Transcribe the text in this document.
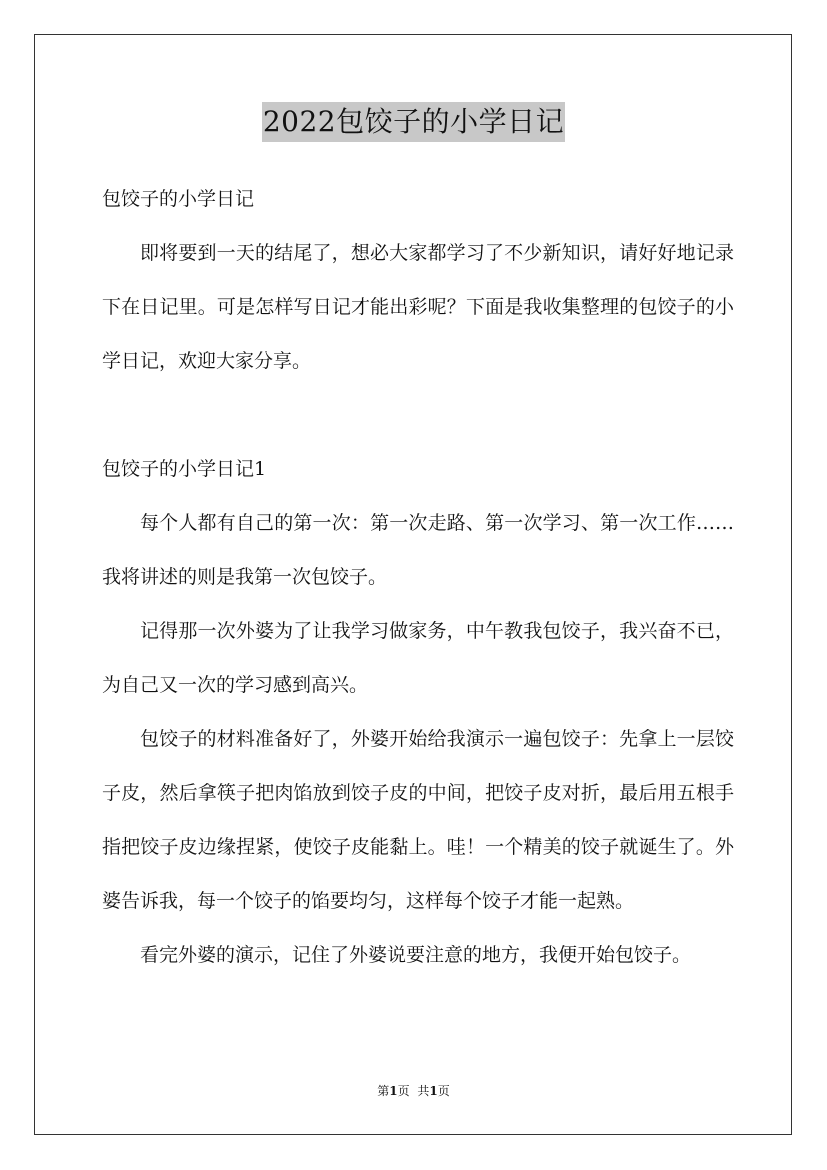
2022包饺子的小学日记

包饺子的小学日记

即将要到一天的结尾了，想必大家都学习了不少新知识，请好好地记录下在日记里。可是怎样写日记才能出彩呢？下面是我收集整理的包饺子的小学日记，欢迎大家分享。

包饺子的小学日记1

每个人都有自己的第一次：第一次走路、第一次学习、第一次工作……我将讲述的则是我第一次包饺子。

记得那一次外婆为了让我学习做家务，中午教我包饺子，我兴奋不已，为自己又一次的学习感到高兴。

包饺子的材料准备好了，外婆开始给我演示一遍包饺子：先拿上一层饺子皮，然后拿筷子把肉馅放到饺子皮的中间，把饺子皮对折，最后用五根手指把饺子皮边缘捏紧，使饺子皮能黏上。哇！一个精美的饺子就诞生了。外婆告诉我，每一个饺子的馅要均匀，这样每个饺子才能一起熟。

看完外婆的演示，记住了外婆说要注意的地方，我便开始包饺子。

第1页 共1页
